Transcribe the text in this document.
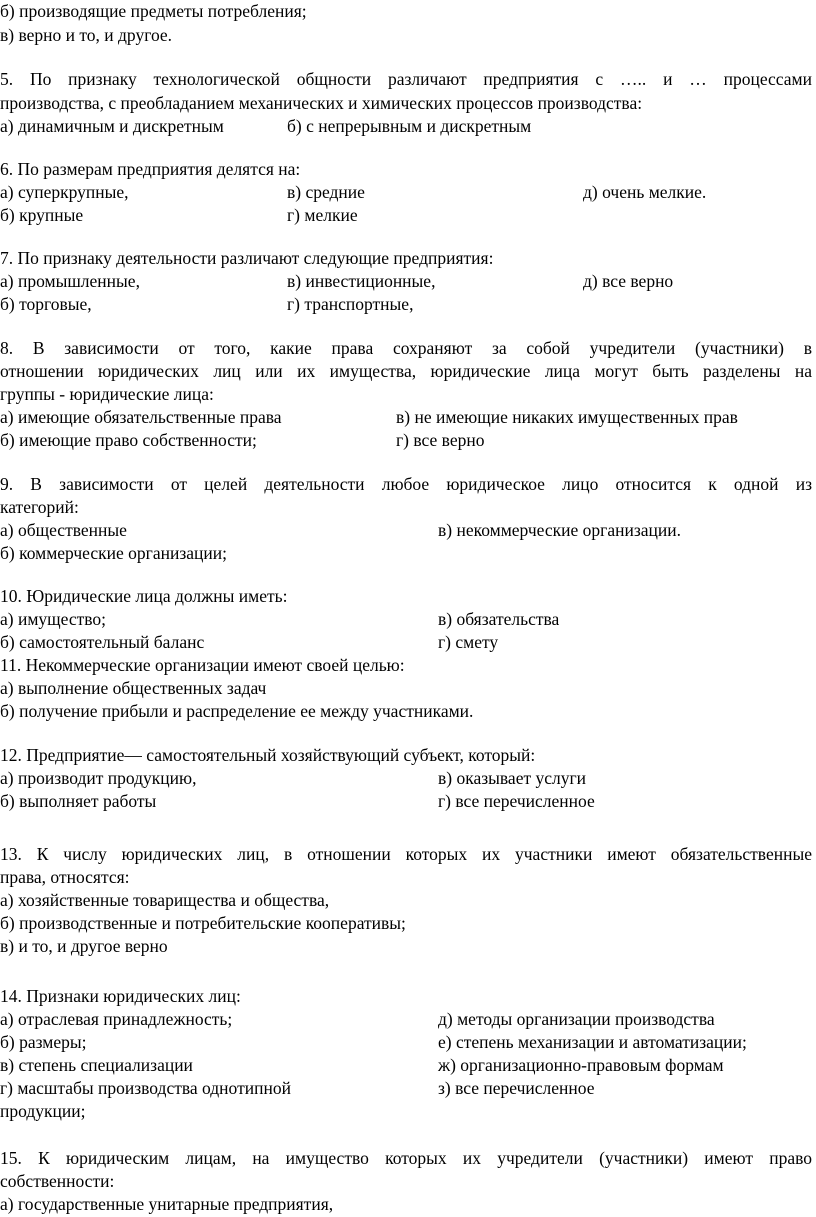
б) производящие предметы потребления;
в) верно и то, и другое.
5. По признаку технологической общности различают предприятия с ….. и … процессами
производства, с преобладанием механических и химических процессов производства:
а) динамичным и дискретным	б) с непрерывным и дискретным
6. По размерам предприятия делятся на:
а) суперкрупные,	в) средние	д) очень мелкие.
б) крупные	г) мелкие
7. По признаку деятельности различают следующие предприятия:
а) промышленные,	в) инвестиционные,	д) все верно
б) торговые,	г) транспортные,
8. В зависимости от того, какие права сохраняют за собой учредители (участники) в
отношении юридических лиц или их имущества, юридические лица могут быть разделены на
группы - юридические лица:
а) имеющие обязательственные права	в) не имеющие никаких имущественных прав
б) имеющие право собственности;	г) все верно
9. В зависимости от целей деятельности любое юридическое лицо относится к одной из
категорий:
а) общественные	в) некоммерческие организации.
б) коммерческие организации;
10. Юридические лица должны иметь:
а) имущество;	в) обязательства
б) самостоятельный баланс	г) смету
11. Некоммерческие организации имеют своей целью:
а) выполнение общественных задач
б) получение прибыли и распределение ее между участниками.
12. Предприятие— самостоятельный хозяйствующий субъект, который:
а) производит продукцию,	в) оказывает услуги
б) выполняет работы	г) все перечисленное
13. К числу юридических лиц, в отношении которых их участники имеют обязательственные
права, относятся:
а) хозяйственные товарищества и общества,
б) производственные и потребительские кооперативы;
в) и то, и другое верно
14. Признаки юридических лиц:
а) отраслевая принадлежность;	д) методы организации производства
б) размеры;	е) степень механизации и автоматизации;
в) степень специализации	ж) организационно-правовым формам
г) масштабы производства однотипной	з) все перечисленное
продукции;
15. К юридическим лицам, на имущество которых их учредители (участники) имеют право
собственности:
а) государственные унитарные предприятия,
